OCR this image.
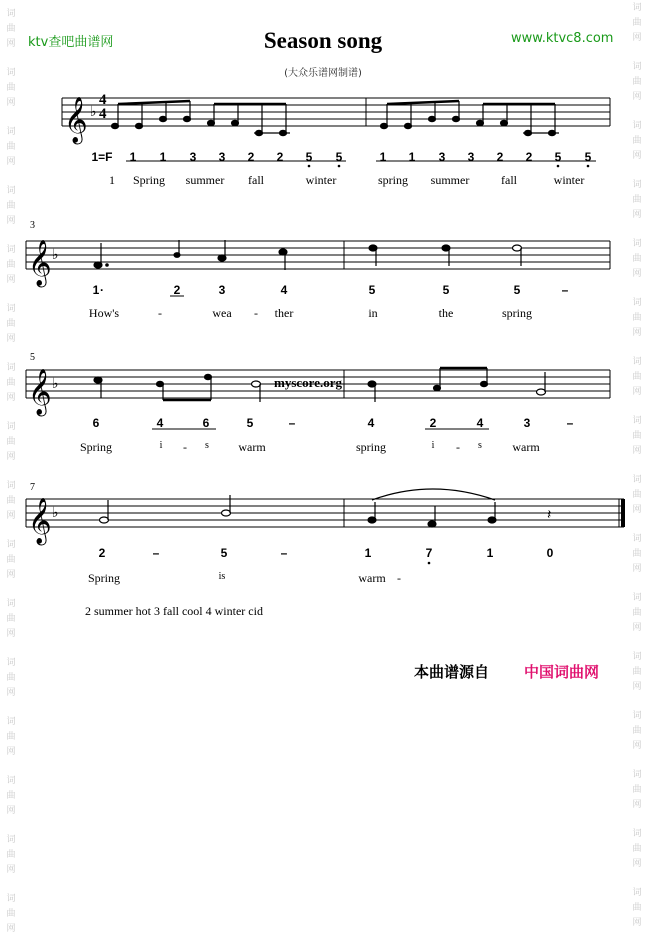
词
曲
网
词
曲
网
词
曲
网
词
曲
网
词
曲
网
词
曲
网
词
曲
网
词
曲
网
词
曲
网
词
曲
网
词
曲
网
词
曲
网
词
曲
网
词
曲
网
词
曲
网
词
曲
网
词
曲
网
词
曲
网
词
曲
网
词
曲
网
词
曲
网
词
曲
网
词
曲
网
词
曲
网
词
曲
网
词
曲
网
词
曲
网
词
曲
网
词
曲
网
词
曲
网
词
曲
网
词
曲
网
ktv查吧曲谱网	www.ktvc8.com
Season song
(大众乐谱网制谱)
𝄞
𝄞
𝄞
𝄞
♭
♭
♭
♭	𝄽
myscore.org
4
4
3
5
7
1=F	1	1	3	3	2	2	5	5	1	1	3	3	2	2	5	5
1	Spring	summer	fall	winter	spring	summer	fall	winter
1 ·	2	3	4	5	5	5	–
How's	-	wea	-	ther	in	the	spring
6	4	6	5	–	4	2	4	3	–
Spring	i	-	s	warm	spring	i	-	s	warm
2	–	5	–	1	7	1	0
Spring	is	warm -
2 summer hot 3 fall cool 4 winter cid
本曲谱源自 中国词曲网
